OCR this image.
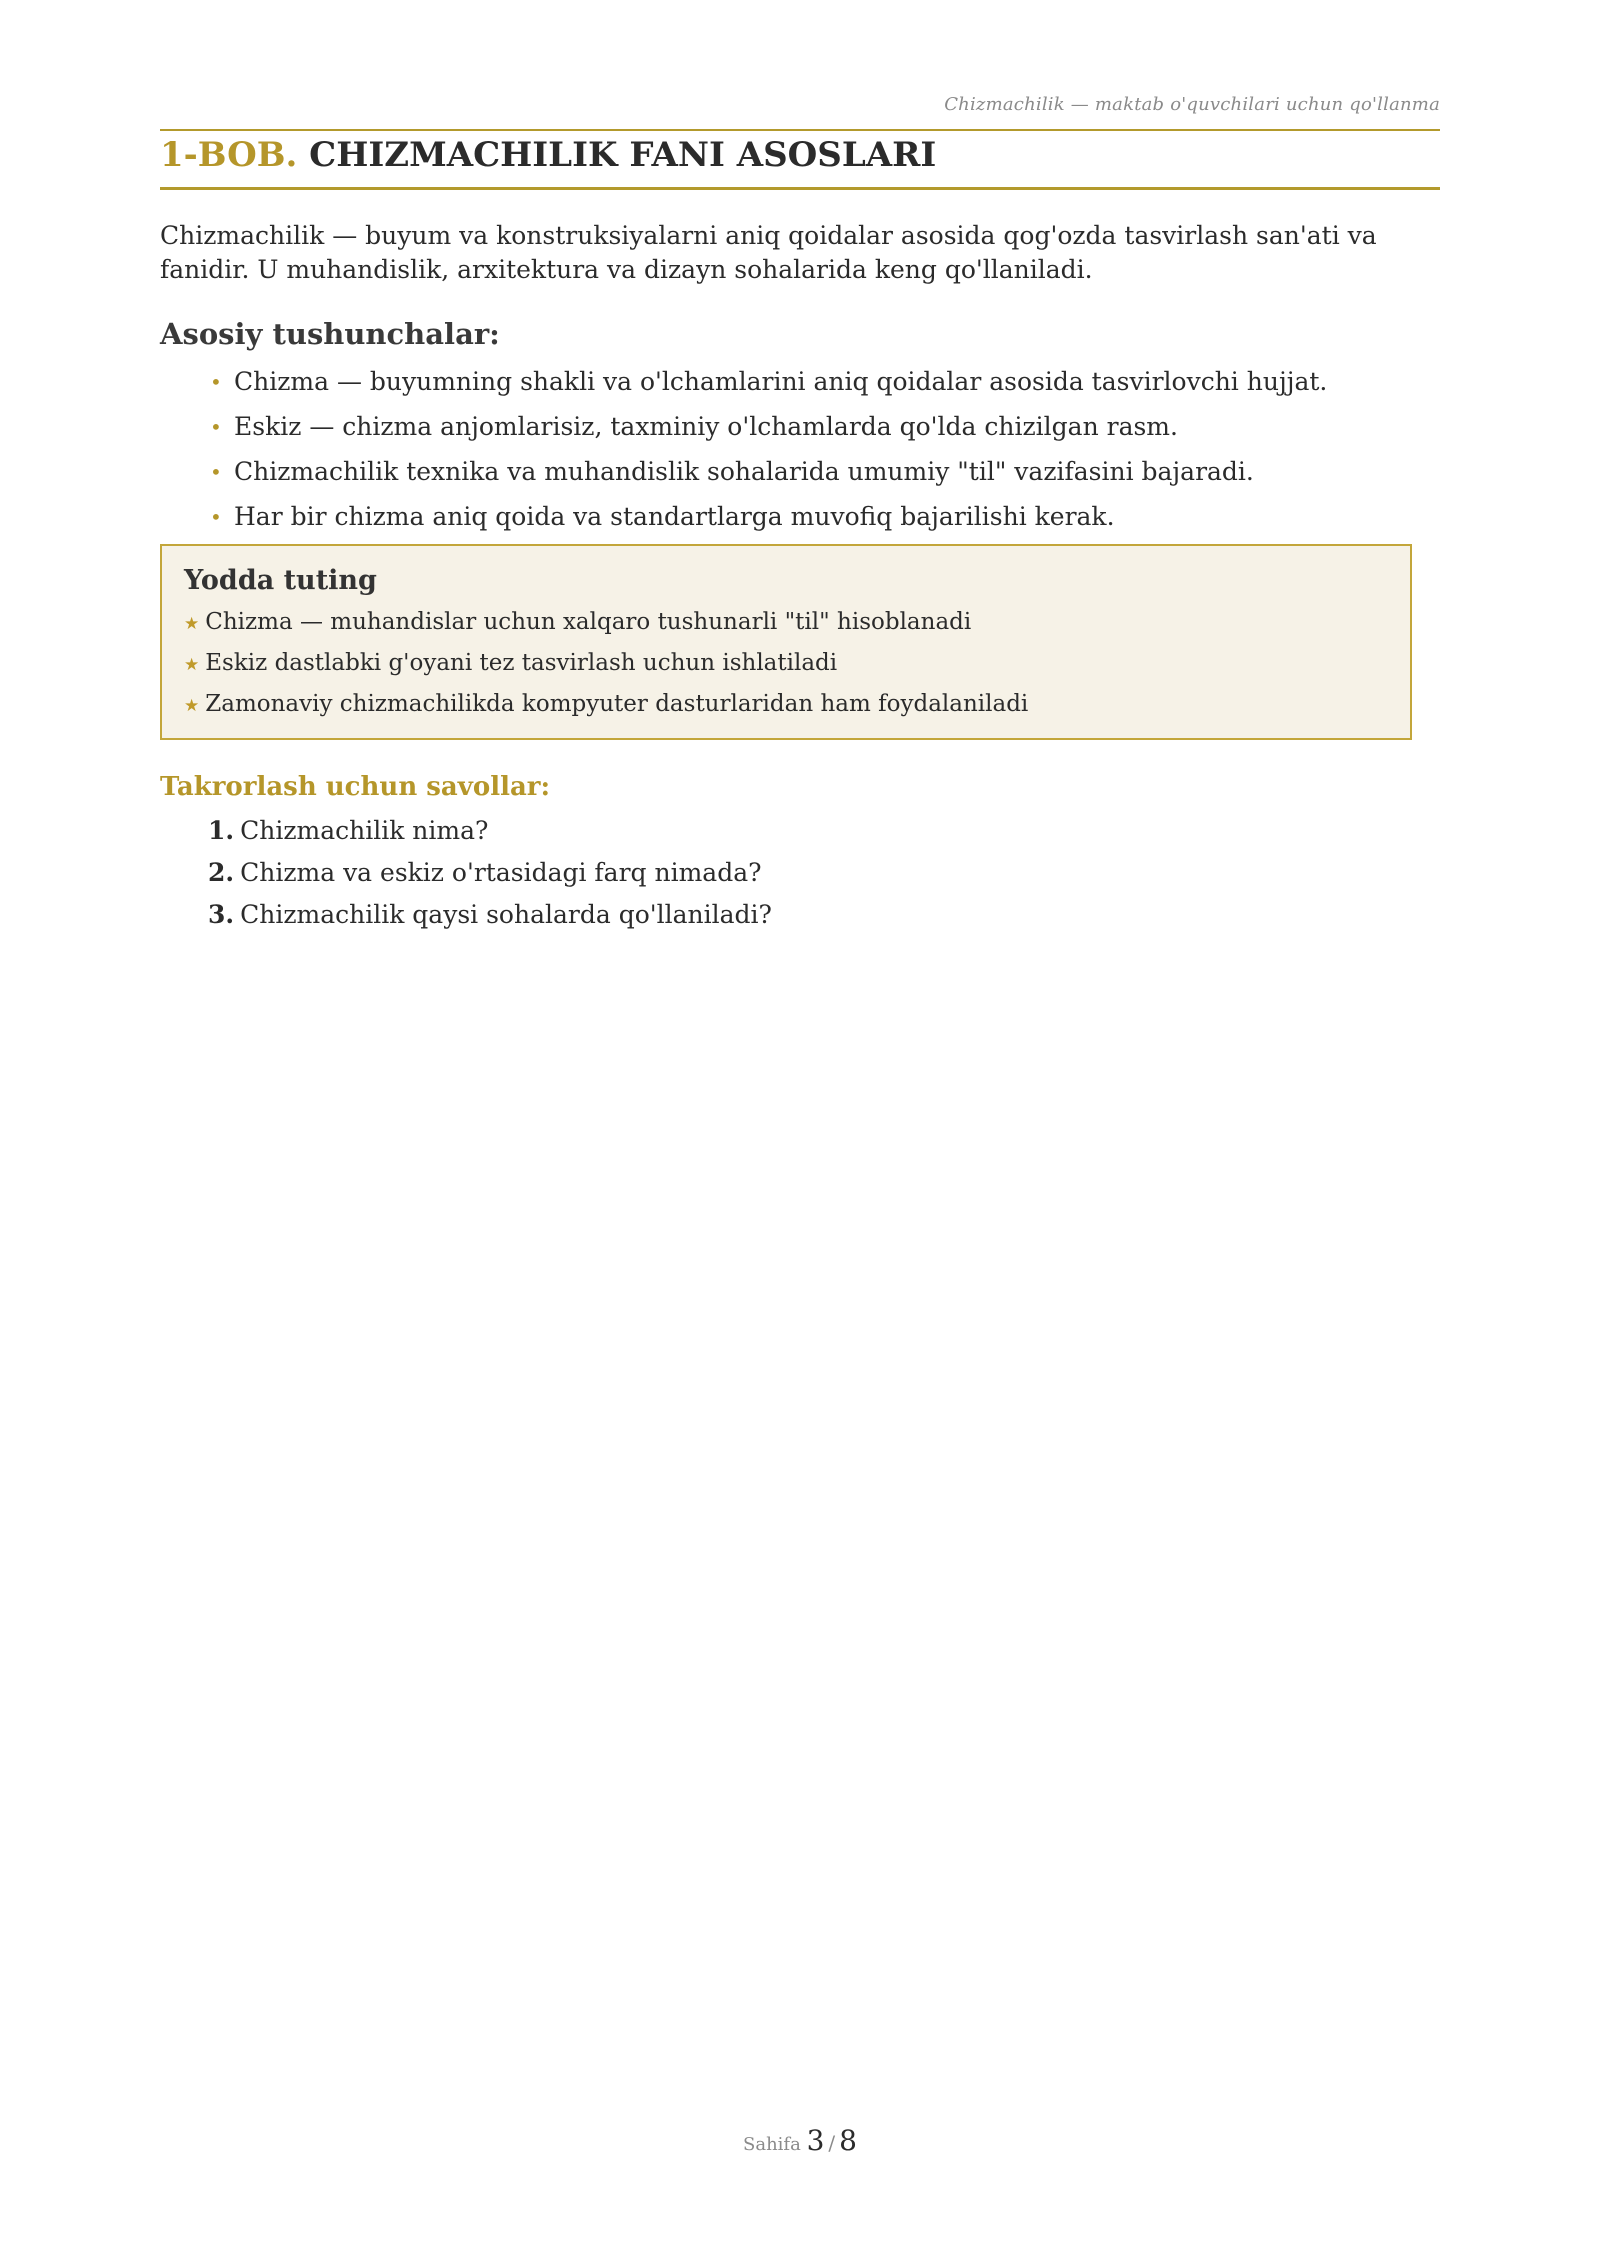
Chizmachilik — maktab o'quvchilari uchun qo'llanma
1-BOB. CHIZMACHILIK FANI ASOSLARI

Chizmachilik — buyum va konstruksiyalarni aniq qoidalar asosida qog'ozda tasvirlash san'ati va fanidir. U muhandislik, arxitektura va dizayn sohalarida keng qo'llaniladi.

Asosiy tushunchalar:
• Chizma — buyumning shakli va o'lchamlarini aniq qoidalar asosida tasvirlovchi hujjat.
• Eskiz — chizma anjomlarisiz, taxminiy o'lchamlarda qo'lda chizilgan rasm.
• Chizmachilik texnika va muhandislik sohalarida umumiy "til" vazifasini bajaradi.
• Har bir chizma aniq qoida va standartlarga muvofiq bajarilishi kerak.
Yodda tuting
★ Chizma — muhandislar uchun xalqaro tushunarli "til" hisoblanadi
★ Eskiz dastlabki g'oyani tez tasvirlash uchun ishlatiladi
★ Zamonaviy chizmachilikda kompyuter dasturlaridan ham foydalaniladi
Takrorlash uchun savollar:
1. Chizmachilik nima?
2. Chizma va eskiz o'rtasidagi farq nimada?
3. Chizmachilik qaysi sohalarda qo'llaniladi?
Sahifa 3 / 8
